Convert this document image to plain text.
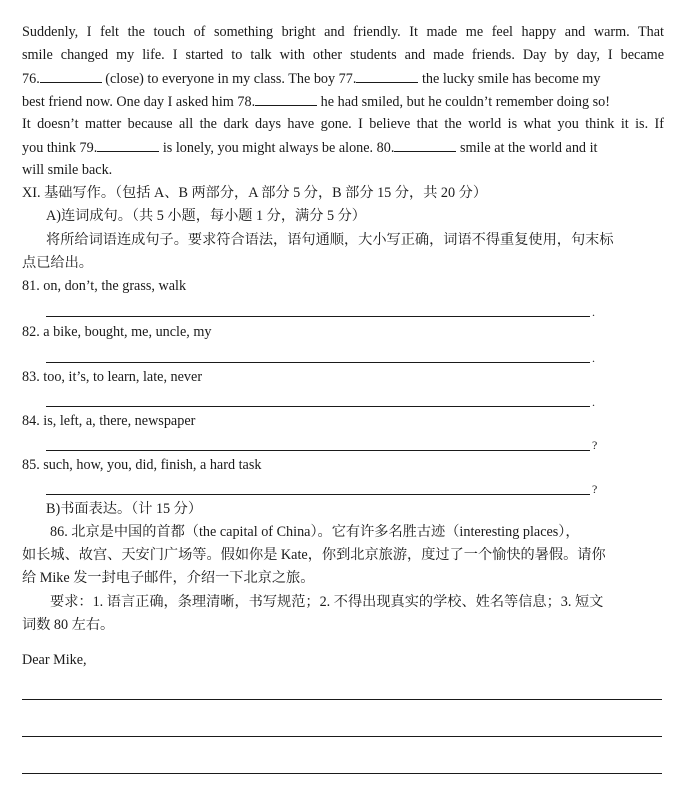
Suddenly, I felt the touch of something bright and friendly. It made me feel happy and warm. That
smile changed my life. I started to talk with other students and made friends. Day by day, I became
76.	(close) to everyone in my class. The boy 77.	the lucky smile has become my
best friend now. One day I asked him 78.	he had smiled, but he couldn’t remember doing so!
It doesn’t matter because all the dark days have gone. I believe that the world is what you think it is. If
you think 79.	is lonely, you might always be alone. 80.	smile at the world and it
will smile back.
XI. 基础写作。（包括 A、B 两部分，A 部分 5 分，B 部分 15 分，共 20 分）
A)连词成句。（共 5 小题，每小题 1 分，满分 5 分）
将所给词语连成句子。要求符合语法，语句通顺，大小写正确，词语不得重复使用，句末标
点已给出。
81. on, don’t, the grass, walk
.
82. a bike, bought, me, uncle, my
.
83. too, it’s, to learn, late, never
.
84. is, left, a, there, newspaper
?
85. such, how, you, did, finish, a hard task
?
B)书面表达。（计 15 分）
86. 北京是中国的首都（the capital of China）。它有许多名胜古迹（interesting places），
如长城、故宫、天安门广场等。假如你是 Kate，你到北京旅游，度过了一个愉快的暑假。请你
给 Mike 发一封电子邮件，介绍一下北京之旅。
要求：1. 语言正确，条理清晰，书写规范；2. 不得出现真实的学校、姓名等信息；3. 短文
词数 80 左右。
Dear Mike,
